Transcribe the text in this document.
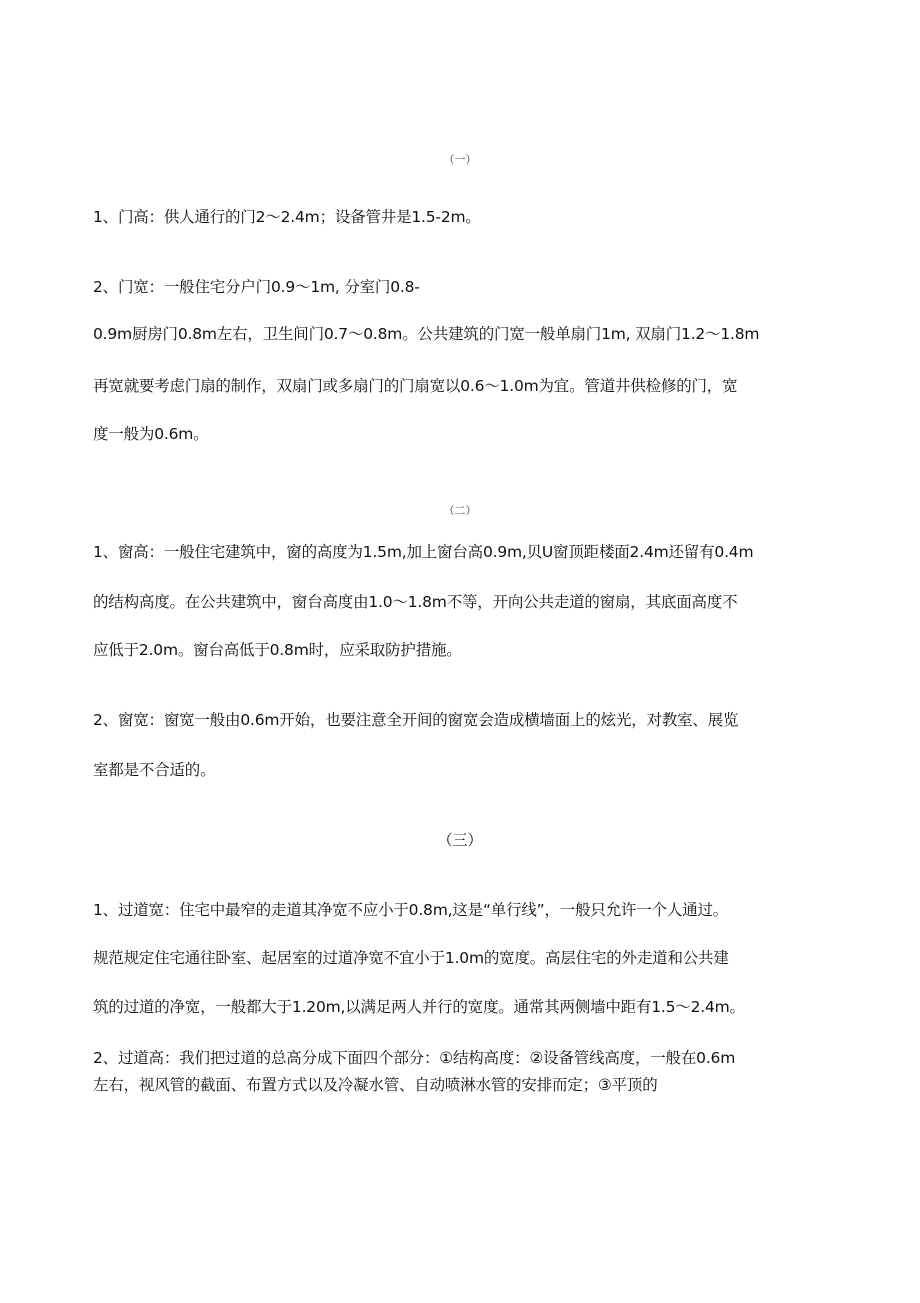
（一）
1、门高：供人通行的门2～2.4m；设备管井是1.5-2m。
2、门宽：一般住宅分户门0.9～1m, 分室门0.8-
0.9m厨房门0.8m左右，卫生间门0.7～0.8m。公共建筑的门宽一般单扇门1m, 双扇门1.2～1.8m
再宽就要考虑门扇的制作，双扇门或多扇门的门扇宽以0.6～1.0m为宜。管道井供检修的门，宽
度一般为0.6m。
（二）
1、窗高：一般住宅建筑中，窗的高度为1.5m,加上窗台高0.9m,贝U窗顶距楼面2.4m还留有0.4m
的结构高度。在公共建筑中，窗台高度由1.0～1.8m不等，开向公共走道的窗扇，其底面高度不
应低于2.0m。窗台高低于0.8m时，应采取防护措施。
2、窗宽：窗宽一般由0.6m开始，也要注意全开间的窗宽会造成横墙面上的炫光，对教室、展览
室都是不合适的。
（三）
1、过道宽：住宅中最窄的走道其净宽不应小于0.8m,这是“单行线”，一般只允许一个人通过。
规范规定住宅通往卧室、起居室的过道净宽不宜小于1.0m的宽度。高层住宅的外走道和公共建
筑的过道的净宽，一般都大于1.20m,以满足两人并行的宽度。通常其两侧墙中距有1.5～2.4m。
2、过道高：我们把过道的总高分成下面四个部分：①结构高度：②设备管线高度，一般在0.6m
左右，视风管的截面、布置方式以及冷凝水管、自动喷淋水管的安排而定；③平顶的
